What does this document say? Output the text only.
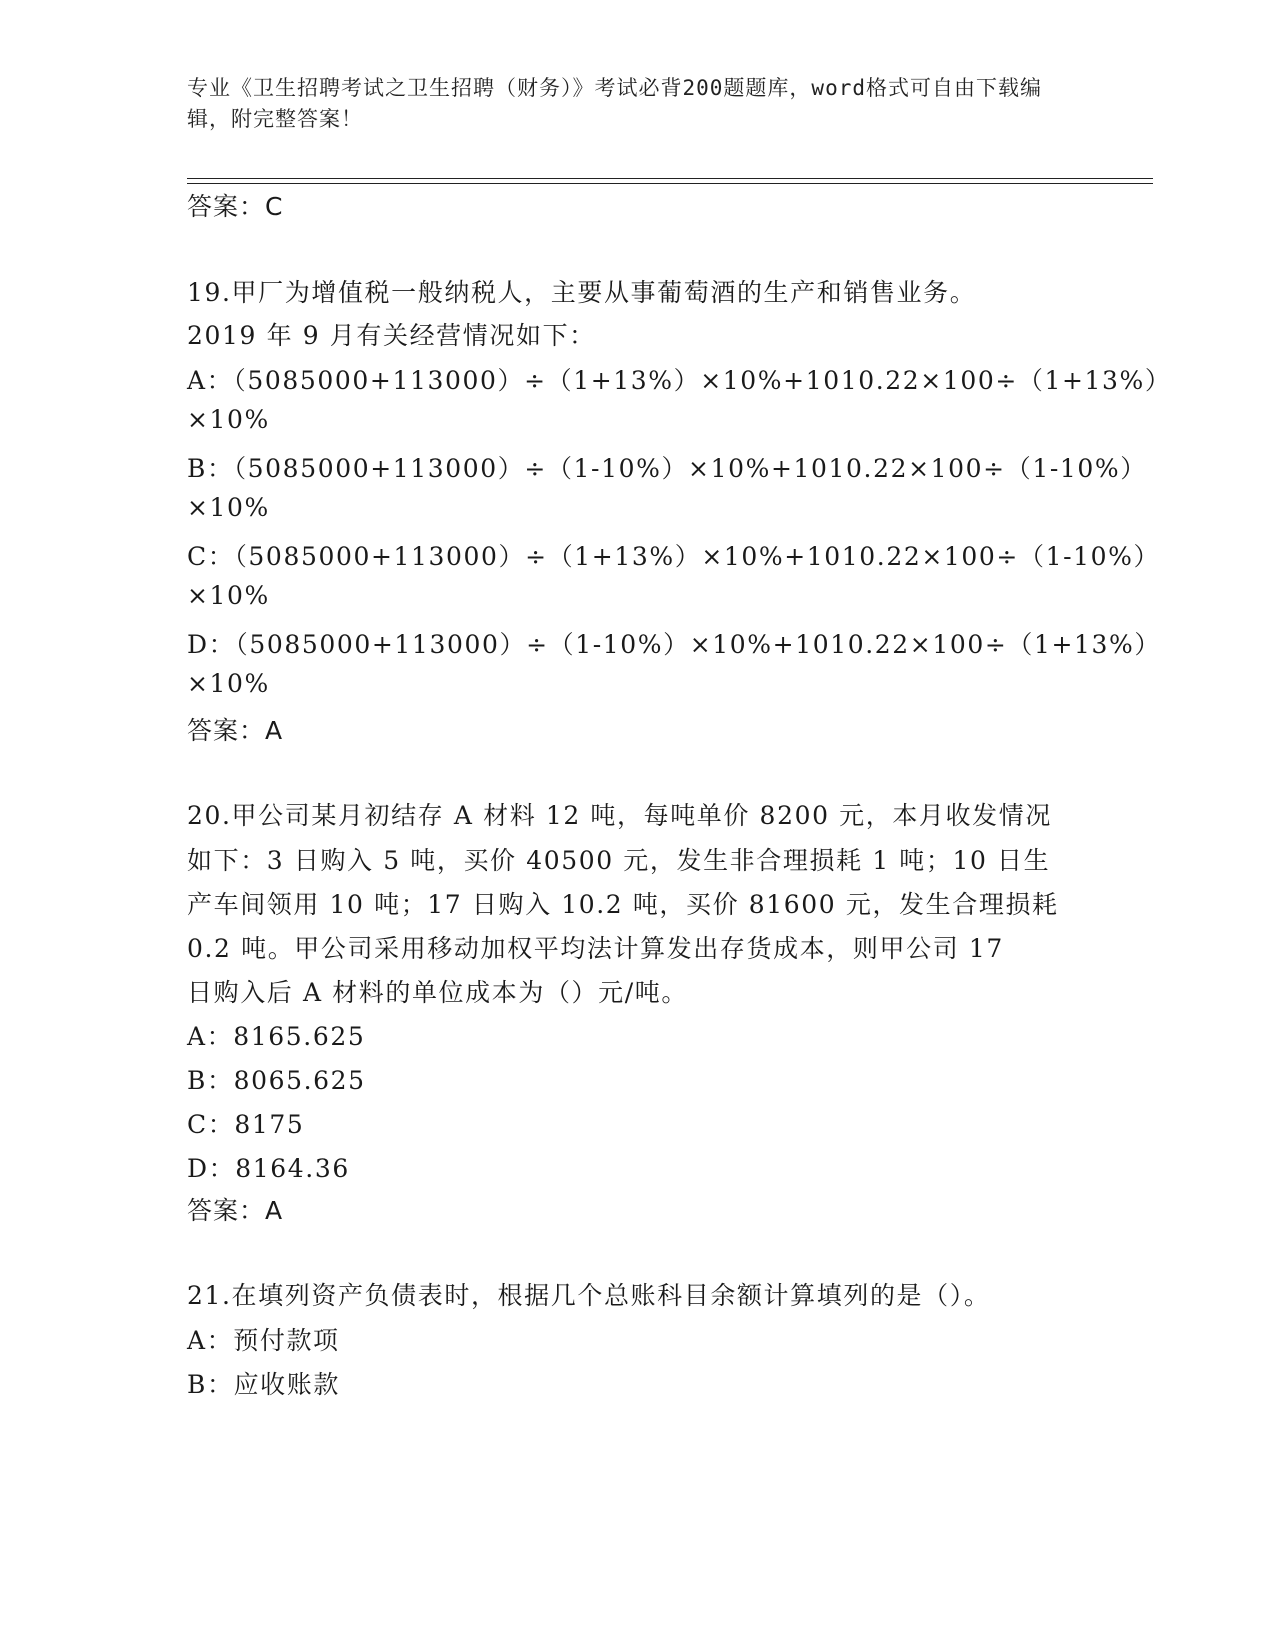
专业《卫生招聘考试之卫生招聘（财务）》考试必背200题题库，word格式可自由下载编辑，附完整答案！

答案：C

19.甲厂为增值税一般纳税人，主要从事葡萄酒的生产和销售业务。

2019 年 9 月有关经营情况如下：

A：（5085000+113000）÷（1+13%）×10%+1010.22×100÷（1+13%）

×10%

B：（5085000+113000）÷（1-10%）×10%+1010.22×100÷（1-10%）

×10%

C：（5085000+113000）÷（1+13%）×10%+1010.22×100÷（1-10%）

×10%

D：（5085000+113000）÷（1-10%）×10%+1010.22×100÷（1+13%）

×10%

答案：A

20.甲公司某月初结存 A 材料 12 吨，每吨单价 8200 元，本月收发情况

如下：3 日购入 5 吨，买价 40500 元，发生非合理损耗 1 吨；10 日生

产车间领用 10 吨；17 日购入 10.2 吨，买价 81600 元，发生合理损耗

0.2 吨。甲公司采用移动加权平均法计算发出存货成本，则甲公司 17

日购入后 A 材料的单位成本为（）元/吨。

A：8165.625

B：8065.625

C：8175

D：8164.36

答案：A

21.在填列资产负债表时，根据几个总账科目余额计算填列的是（）。

A：预付款项

B：应收账款
